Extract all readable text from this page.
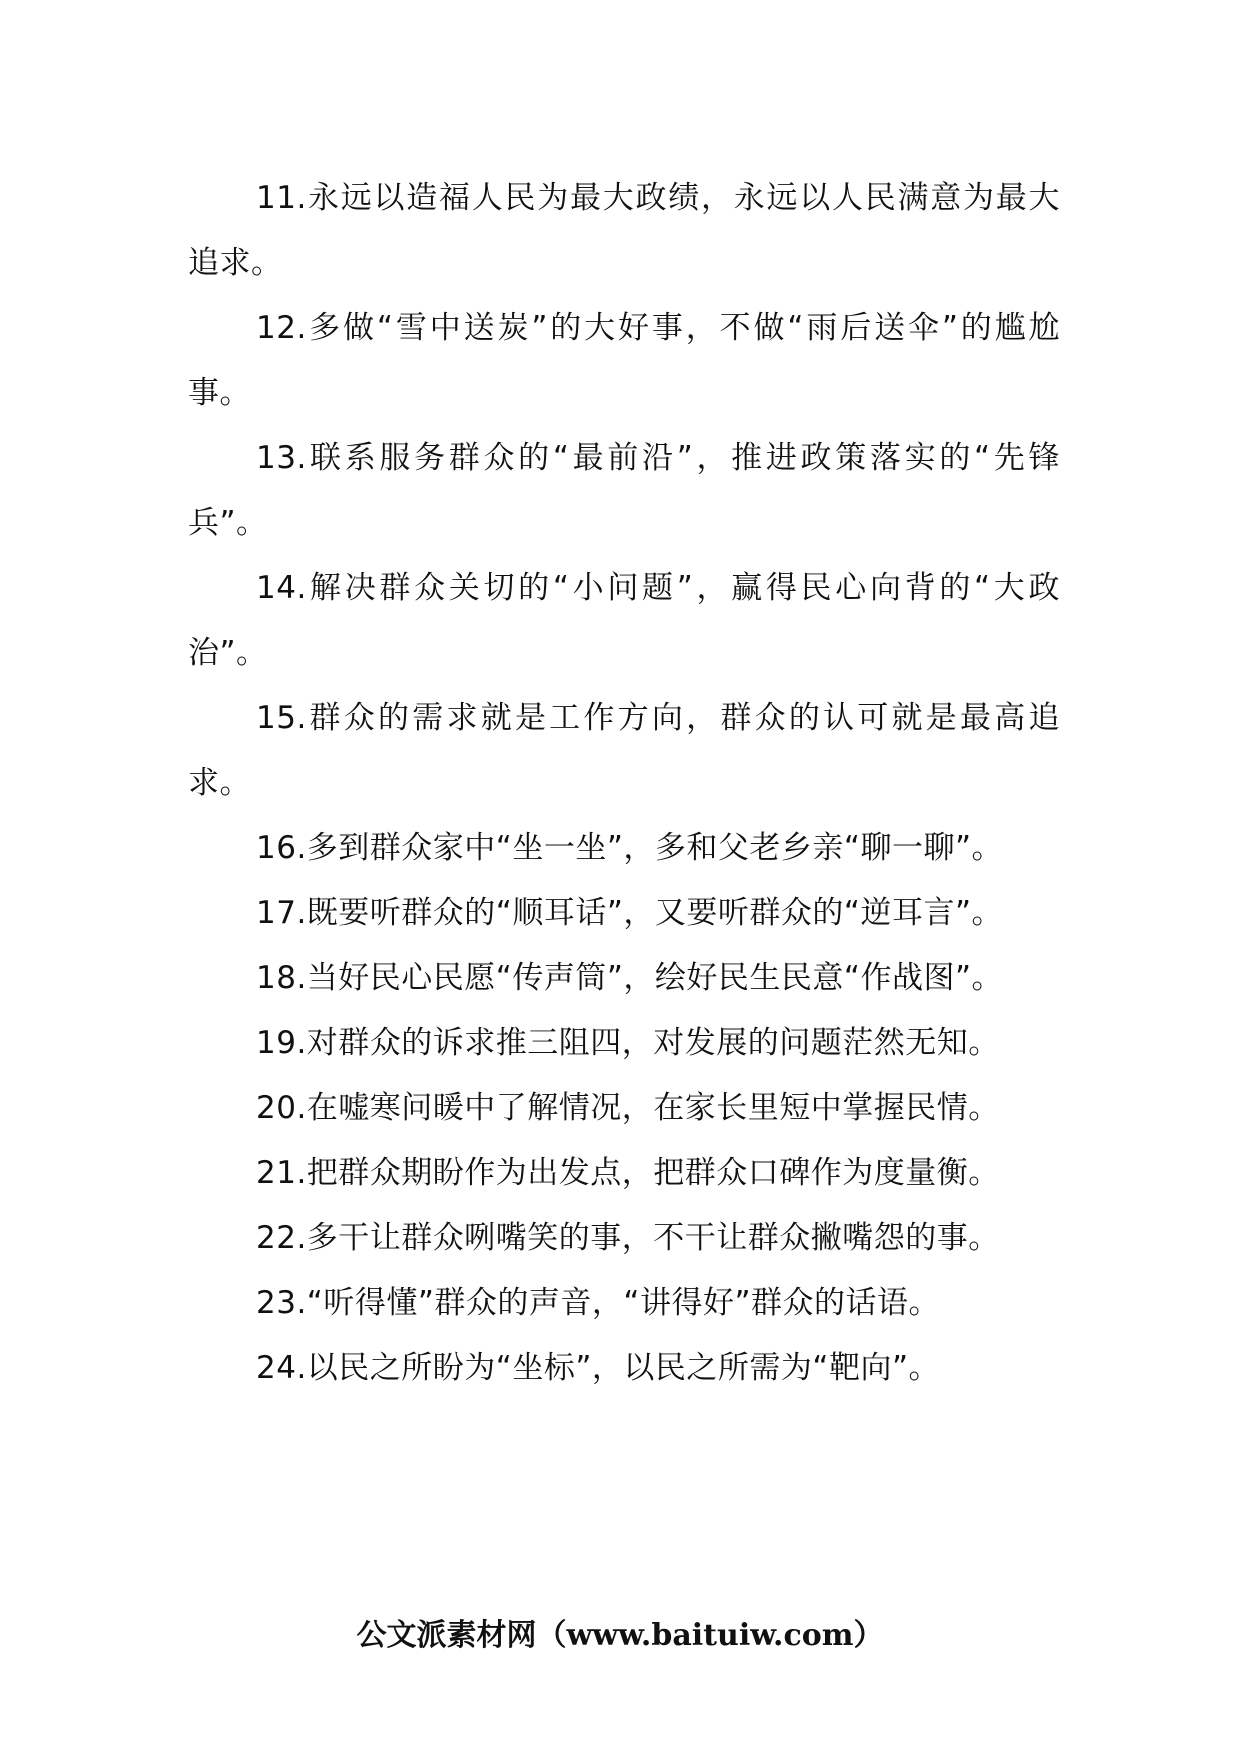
11.永远以造福人民为最大政绩，永远以人民满意为最大追求。

12.多做“雪中送炭”的大好事，不做“雨后送伞”的尴尬事。

13.联系服务群众的“最前沿”，推进政策落实的“先锋兵”。

14.解决群众关切的“小问题”，赢得民心向背的“大政治”。

15.群众的需求就是工作方向，群众的认可就是最高追求。

16.多到群众家中“坐一坐”，多和父老乡亲“聊一聊”。

17.既要听群众的“顺耳话”，又要听群众的“逆耳言”。

18.当好民心民愿“传声筒”，绘好民生民意“作战图”。

19.对群众的诉求推三阻四，对发展的问题茫然无知。

20.在嘘寒问暖中了解情况，在家长里短中掌握民情。

21.把群众期盼作为出发点，把群众口碑作为度量衡。

22.多干让群众咧嘴笑的事，不干让群众撇嘴怨的事。

23.“听得懂”群众的声音，“讲得好”群众的话语。

24.以民之所盼为“坐标”，以民之所需为“靶向”。

公文派素材网（www.baituiw.com）
